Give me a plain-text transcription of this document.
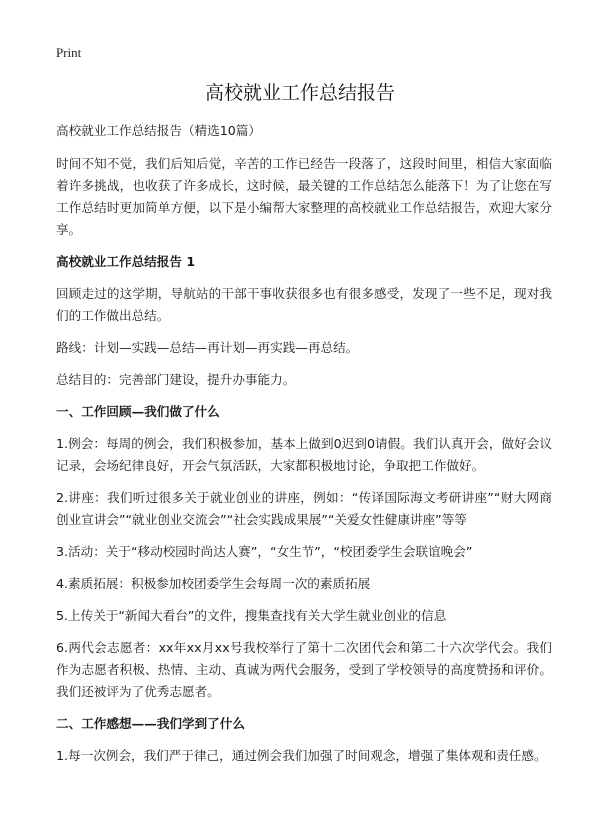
Print
高校就业工作总结报告

高校就业工作总结报告（精选10篇）

时间不知不觉，我们后知后觉，辛苦的工作已经告一段落了，这段时间里，相信大家面临着许多挑战，也收获了许多成长，这时候，最关键的工作总结怎么能落下！为了让您在写工作总结时更加简单方便，以下是小编帮大家整理的高校就业工作总结报告，欢迎大家分享。

高校就业工作总结报告 1

回顾走过的这学期，导航站的干部干事收获很多也有很多感受，发现了一些不足，现对我们的工作做出总结。

路线：计划—实践—总结—再计划—再实践—再总结。

总结目的：完善部门建设，提升办事能力。

一、工作回顾—我们做了什么

1.例会：每周的例会，我们积极参加，基本上做到0迟到0请假。我们认真开会，做好会议记录，会场纪律良好，开会气氛活跃，大家都积极地讨论，争取把工作做好。

2.讲座：我们听过很多关于就业创业的讲座，例如：“传译国际海文考研讲座”“财大网商创业宣讲会”“就业创业交流会”“社会实践成果展”“关爱女性健康讲座”等等

3.活动：关于“移动校园时尚达人赛”，“女生节”，“校团委学生会联谊晚会”

4.素质拓展：积极参加校团委学生会每周一次的素质拓展

5.上传关于“新闻大看台”的文件，搜集查找有关大学生就业创业的信息

6.两代会志愿者：xx年xx月xx号我校举行了第十二次团代会和第二十六次学代会。我们作为志愿者积极、热情、主动、真诚为两代会服务，受到了学校领导的高度赞扬和评价。我们还被评为了优秀志愿者。

二、工作感想——我们学到了什么

1.每一次例会，我们严于律己，通过例会我们加强了时间观念，增强了集体观和责任感。
